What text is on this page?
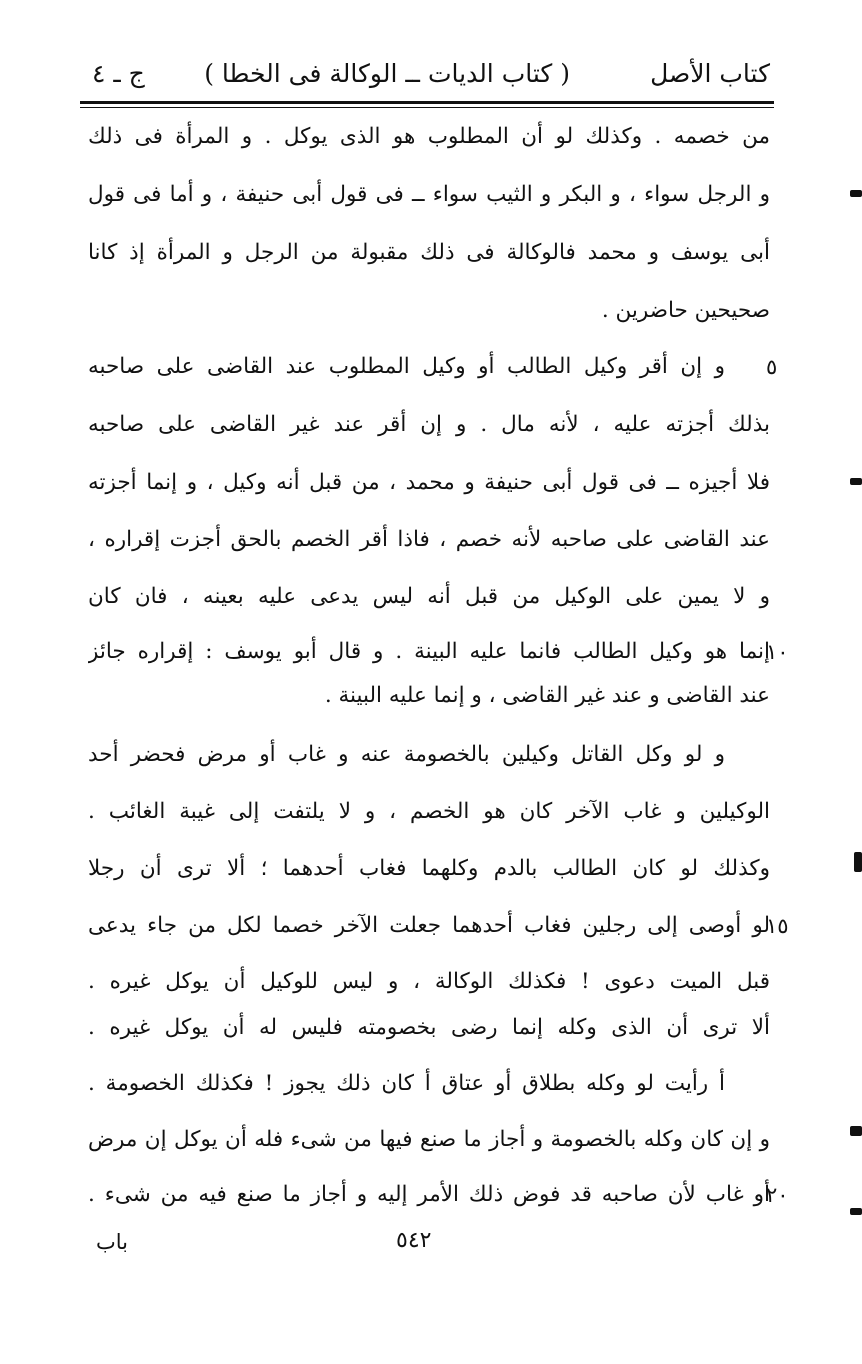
كتاب الأصل
( كتاب الديات ــ الوكالة فى الخطا )
ج ـ ٤
من خصمه . وكذلك لو أن المطلوب هو الذى يوكل . و المرأة فى ذلك
و الرجل سواء ، و البكر و الثيب سواء ــ فى قول أبى حنيفة ، و أما فى قول
أبى يوسف و محمد فالوكالة فى ذلك مقبولة من الرجل و المرأة إذ كانا
صحيحين حاضرين .
و إن أقر وكيل الطالب أو وكيل المطلوب عند القاضى على صاحبه
بذلك أجزته عليه ، لأنه مال . و إن أقر عند غير القاضى على صاحبه
فلا أجيزه ــ فى قول أبى حنيفة و محمد ، من قبل أنه وكيل ، و إنما أجزته
عند القاضى على صاحبه لأنه خصم ، فاذا أقر الخصم بالحق أجزت إقراره ،
و لا يمين على الوكيل من قبل أنه ليس يدعى عليه بعينه ، فان كان
إنما هو وكيل الطالب فانما عليه البينة . و قال أبو يوسف : إقراره جائز
عند القاضى و عند غير القاضى ، و إنما عليه البينة .
و لو وكل القاتل وكيلين بالخصومة عنه و غاب أو مرض فحضر أحد
الوكيلين و غاب الآخر كان هو الخصم ، و لا يلتفت إلى غيبة الغائب .
وكذلك لو كان الطالب بالدم وكلهما فغاب أحدهما ؛ ألا ترى أن رجلا
لو أوصى إلى رجلين فغاب أحدهما جعلت الآخر خصما لكل من جاء يدعى
قبل الميت دعوى ! فكذلك الوكالة ، و ليس للوكيل أن يوكل غيره .
ألا ترى أن الذى وكله إنما رضى بخصومته فليس له أن يوكل غيره .
أ رأيت لو وكله بطلاق أو عتاق أ كان ذلك يجوز ! فكذلك الخصومة .
و إن كان وكله بالخصومة و أجاز ما صنع فيها من شىء فله أن يوكل إن مرض
أو غاب لأن صاحبه قد فوض ذلك الأمر إليه و أجاز ما صنع فيه من شىء .
٥
١٠
١٥
٢٠
٥٤٢
باب
